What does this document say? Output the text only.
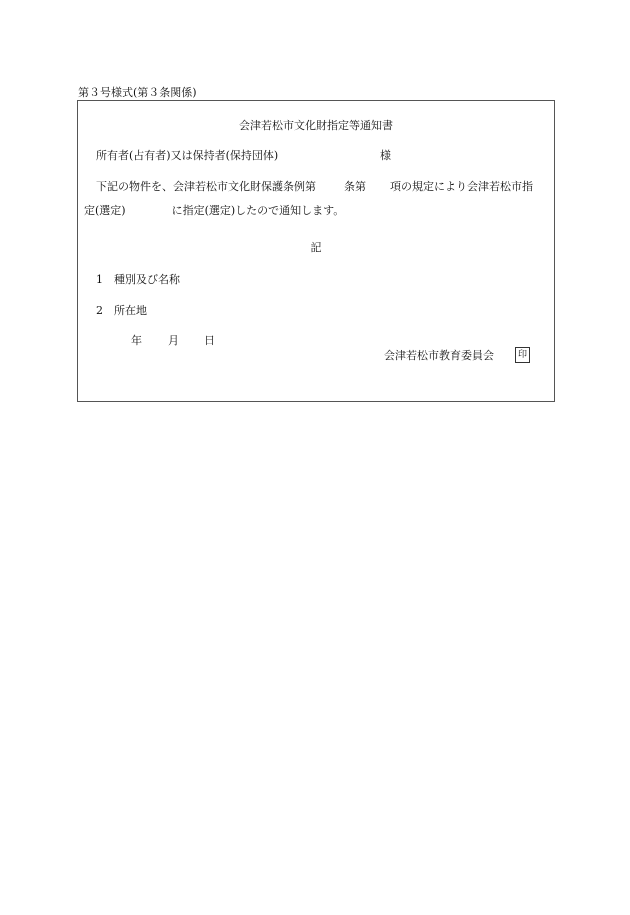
第３号様式(第３条関係)
会津若松市文化財指定等通知書
所有者(占有者)又は保持者(保持団体)	様
下記の物件を、会津若松市文化財保護条例第	条第 項の規定により会津若松市指
定(選定)	に指定(選定)したので通知します。
記
1 種別及び名称
2 所在地
年 月 日
会津若松市教育委員会	印
